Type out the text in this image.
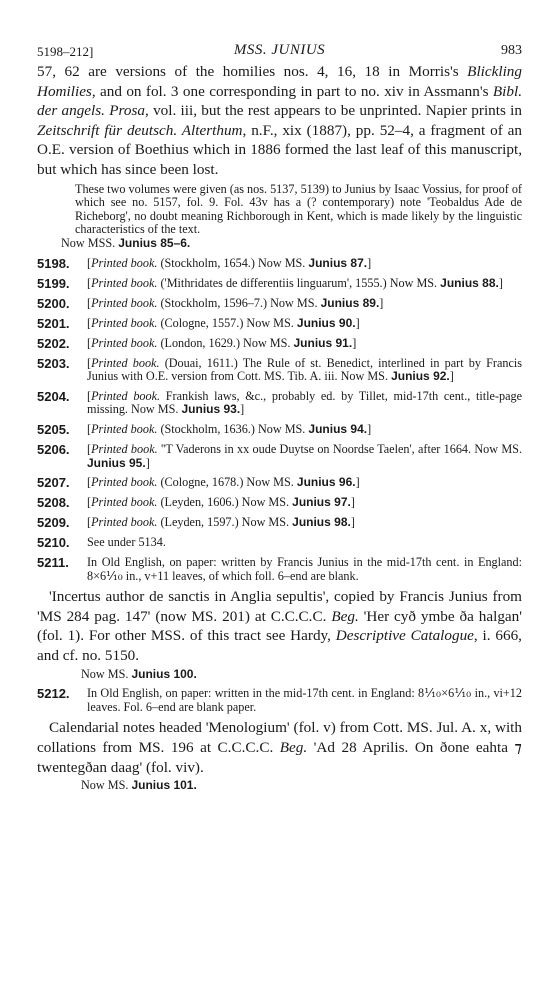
5198–212]	MSS. JUNIUS	983

57, 62 are versions of the homilies nos. 4, 16, 18 in Morris's Blickling Homilies, and on fol. 3 one corresponding in part to no. xiv in Assmann's Bibl. der angels. Prosa, vol. iii, but the rest appears to be unprinted. Napier prints in Zeitschrift für deutsch. Alterthum, n.F., xix (1887), pp. 52–4, a fragment of an O.E. version of Boethius which in 1886 formed the last leaf of this manuscript, but which has since been lost.

These two volumes were given (as nos. 5137, 5139) to Junius by Isaac Vossius, for proof of which see no. 5157, fol. 9. Fol. 43v has a (? contemporary) note 'Teobaldus Ade de Richeborg', no doubt meaning Richborough in Kent, which is made likely by the linguistic characteristics of the text.

Now MSS. Junius 85–6.

5198.	[Printed book. (Stockholm, 1654.) Now MS. Junius 87.]
5199.	[Printed book. ('Mithridates de differentiis linguarum', 1555.) Now MS. Junius 88.]
5200.	[Printed book. (Stockholm, 1596–7.) Now MS. Junius 89.]
5201.	[Printed book. (Cologne, 1557.) Now MS. Junius 90.]
5202.	[Printed book. (London, 1629.) Now MS. Junius 91.]
5203.	[Printed book. (Douai, 1611.) The Rule of st. Benedict, interlined in part by Francis Junius with O.E. version from Cott. MS. Tib. A. iii. Now MS. Junius 92.]
5204.	[Printed book. Frankish laws, &c., probably ed. by Tillet, mid-17th cent., title-page missing. Now MS. Junius 93.]
5205.	[Printed book. (Stockholm, 1636.) Now MS. Junius 94.]
5206.	[Printed book. ''T Vaderons in xx oude Duytse on Noordse Taelen', after 1664. Now MS. Junius 95.]
5207.	[Printed book. (Cologne, 1678.) Now MS. Junius 96.]
5208.	[Printed book. (Leyden, 1606.) Now MS. Junius 97.]
5209.	[Printed book. (Leyden, 1597.) Now MS. Junius 98.]
5210.	See under 5134.
5211.	In Old English, on paper: written by Francis Junius in the mid-17th cent. in England: 8×6⅒ in., v+11 leaves, of which foll. 6–end are blank.

'Incertus author de sanctis in Anglia sepultis', copied by Francis Junius from 'MS 284 pag. 147' (now MS. 201) at C.C.C.C. Beg. 'Her cyð ymbe ða halgan' (fol. 1). For other MSS. of this tract see Hardy, Descriptive Catalogue, i. 666, and cf. no. 5150.

Now MS. Junius 100.

5212.	In Old English, on paper: written in the mid-17th cent. in England: 8⅒×6⅒ in., vi+12 leaves. Fol. 6–end are blank paper.

Calendarial notes headed 'Menologium' (fol. v) from Cott. MS. Jul. A. x, with collations from MS. 196 at C.C.C.C. Beg. 'Ad 28 Aprilis. On ðone eahta ⁊ twentegðan daag' (fol. viv).

Now MS. Junius 101.
